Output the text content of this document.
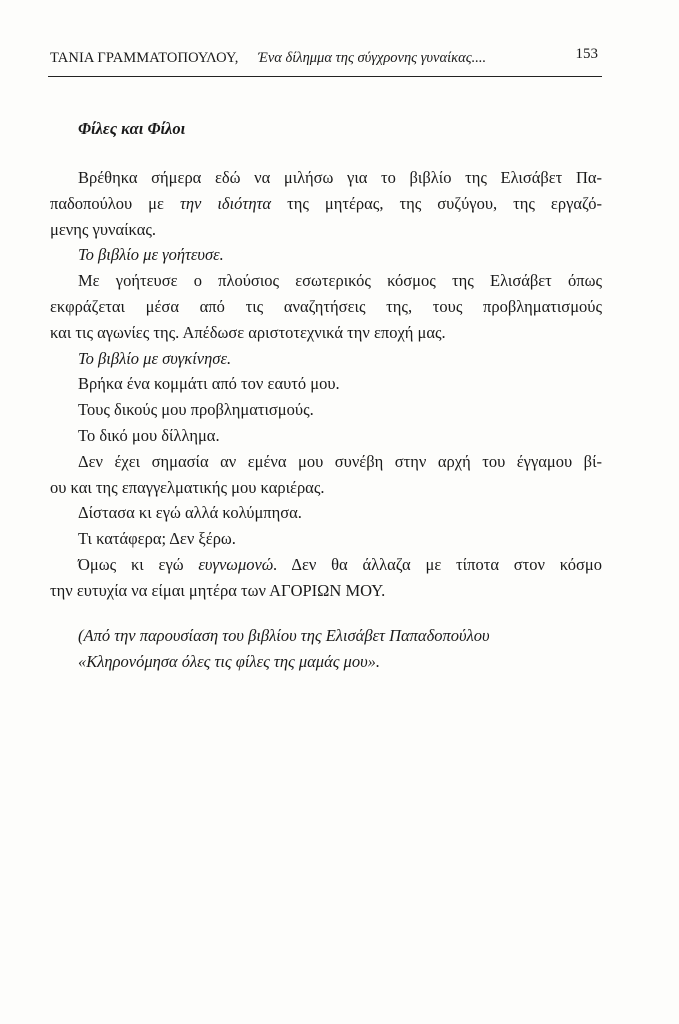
ΤΑΝΙΑ ΓΡΑΜΜΑΤΟΠΟΥΛΟΥ, Ένα δίλημμα της σύγχρονης γυναίκας....	153
Φίλες και Φίλοι
Βρέθηκα σήμερα εδώ να μιλήσω για το βιβλίο της Ελισάβετ Πα-
παδοπούλου με την ιδιότητα της μητέρας, της συζύγου, της εργαζό-
μενης γυναίκας.
Το βιβλίο με γοήτευσε.
Με γοήτευσε ο πλούσιος εσωτερικός κόσμος της Ελισάβετ όπως
εκφράζεται μέσα από τις αναζητήσεις της, τους προβληματισμούς
και τις αγωνίες της. Απέδωσε αριστοτεχνικά την εποχή μας.
Το βιβλίο με συγκίνησε.
Βρήκα ένα κομμάτι από τον εαυτό μου.
Τους δικούς μου προβληματισμούς.
Το δικό μου δίλλημα.
Δεν έχει σημασία αν εμένα μου συνέβη στην αρχή του έγγαμου βί-
ου και της επαγγελματικής μου καριέρας.
Δίστασα κι εγώ αλλά κολύμπησα.
Τι κατάφερα; Δεν ξέρω.
Όμως κι εγώ ευγνωμονώ. Δεν θα άλλαζα με τίποτα στον κόσμο
την ευτυχία να είμαι μητέρα των ΑΓΟΡΙΩΝ ΜΟΥ.
(Από την παρουσίαση του βιβλίου της Ελισάβετ Παπαδοπούλου
«Κληρονόμησα όλες τις φίλες της μαμάς μου».
